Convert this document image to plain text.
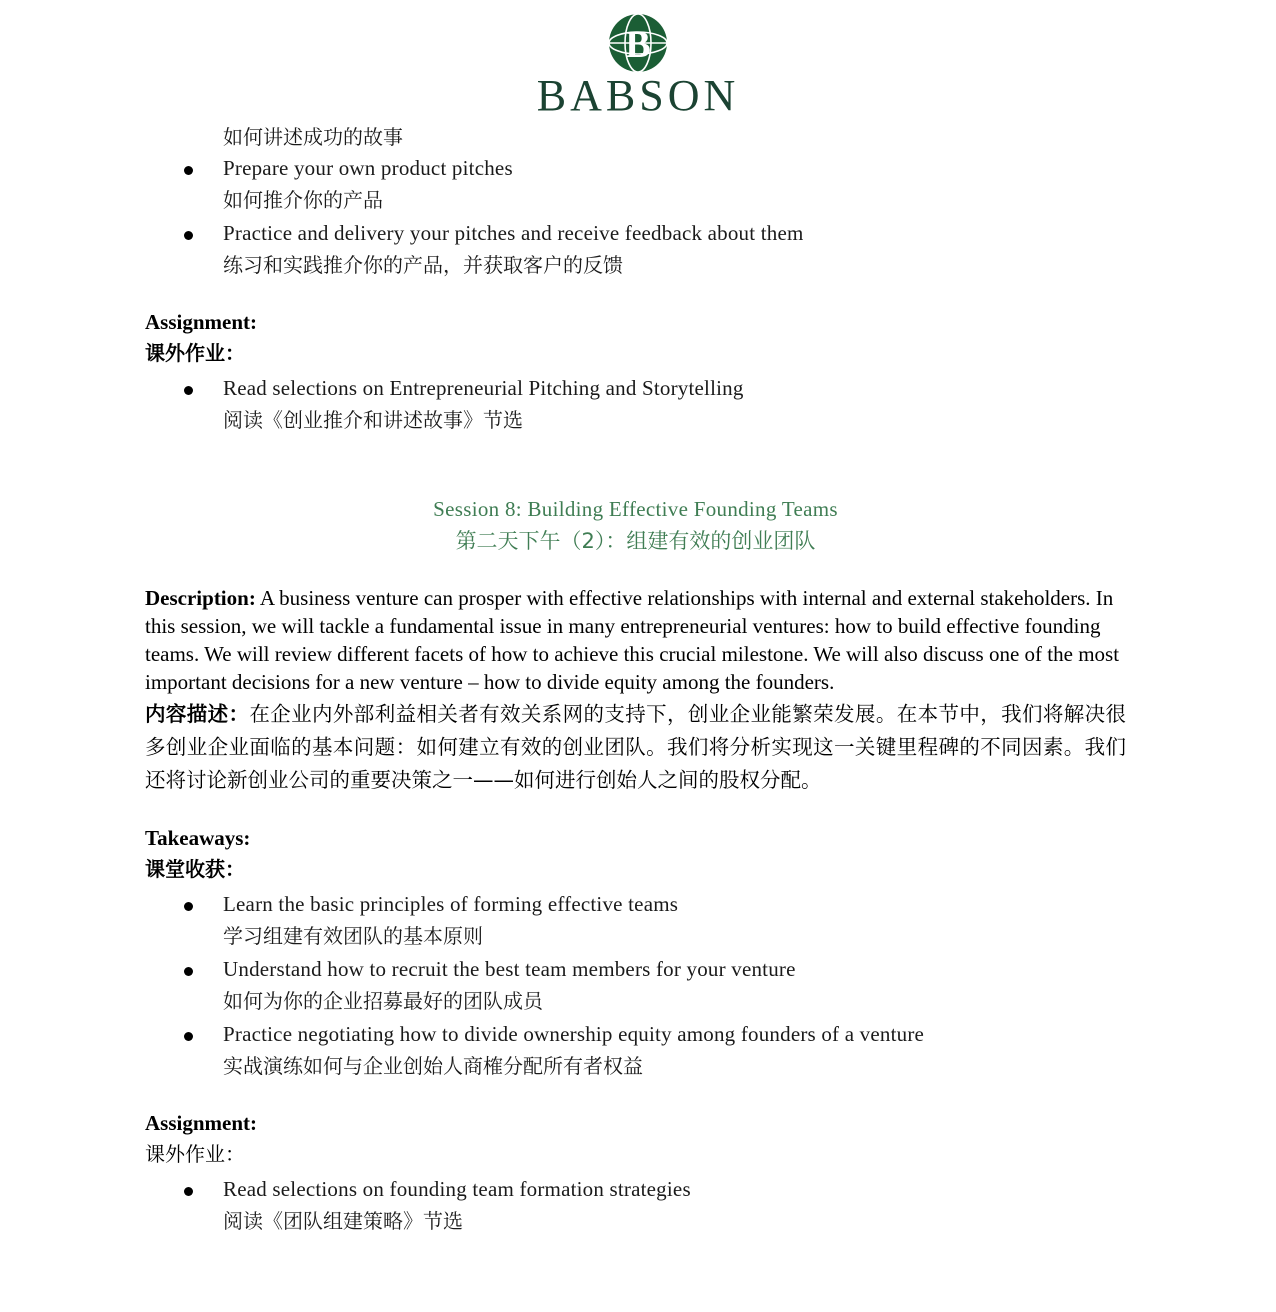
B
BABSON
如何讲述成功的故事
Prepare your own product pitches
如何推介你的产品
Practice and delivery your pitches and receive feedback about them
练习和实践推介你的产品，并获取客户的反馈
Assignment:
课外作业：
Read selections on Entrepreneurial Pitching and Storytelling
阅读《创业推介和讲述故事》节选
Session 8: Building Effective Founding Teams
第二天下午（2）：组建有效的创业团队

Description: A business venture can prosper with effective relationships with internal and external stakeholders. In this session, we will tackle a fundamental issue in many entrepreneurial ventures: how to build effective founding teams. We will review different facets of how to achieve this crucial milestone. We will also discuss one of the most important decisions for a new venture – how to divide equity among the founders.

内容描述：在企业内外部利益相关者有效关系网的支持下，创业企业能繁荣发展。在本节中，我们将解决很多创业企业面临的基本问题：如何建立有效的创业团队。我们将分析实现这一关键里程碑的不同因素。我们还将讨论新创业公司的重要决策之一——如何进行创始人之间的股权分配。

Takeaways:
课堂收获：
Learn the basic principles of forming effective teams
学习组建有效团队的基本原则
Understand how to recruit the best team members for your venture
如何为你的企业招募最好的团队成员
Practice negotiating how to divide ownership equity among founders of a venture
实战演练如何与企业创始人商榷分配所有者权益
Assignment:
课外作业：
Read selections on founding team formation strategies
阅读《团队组建策略》节选
